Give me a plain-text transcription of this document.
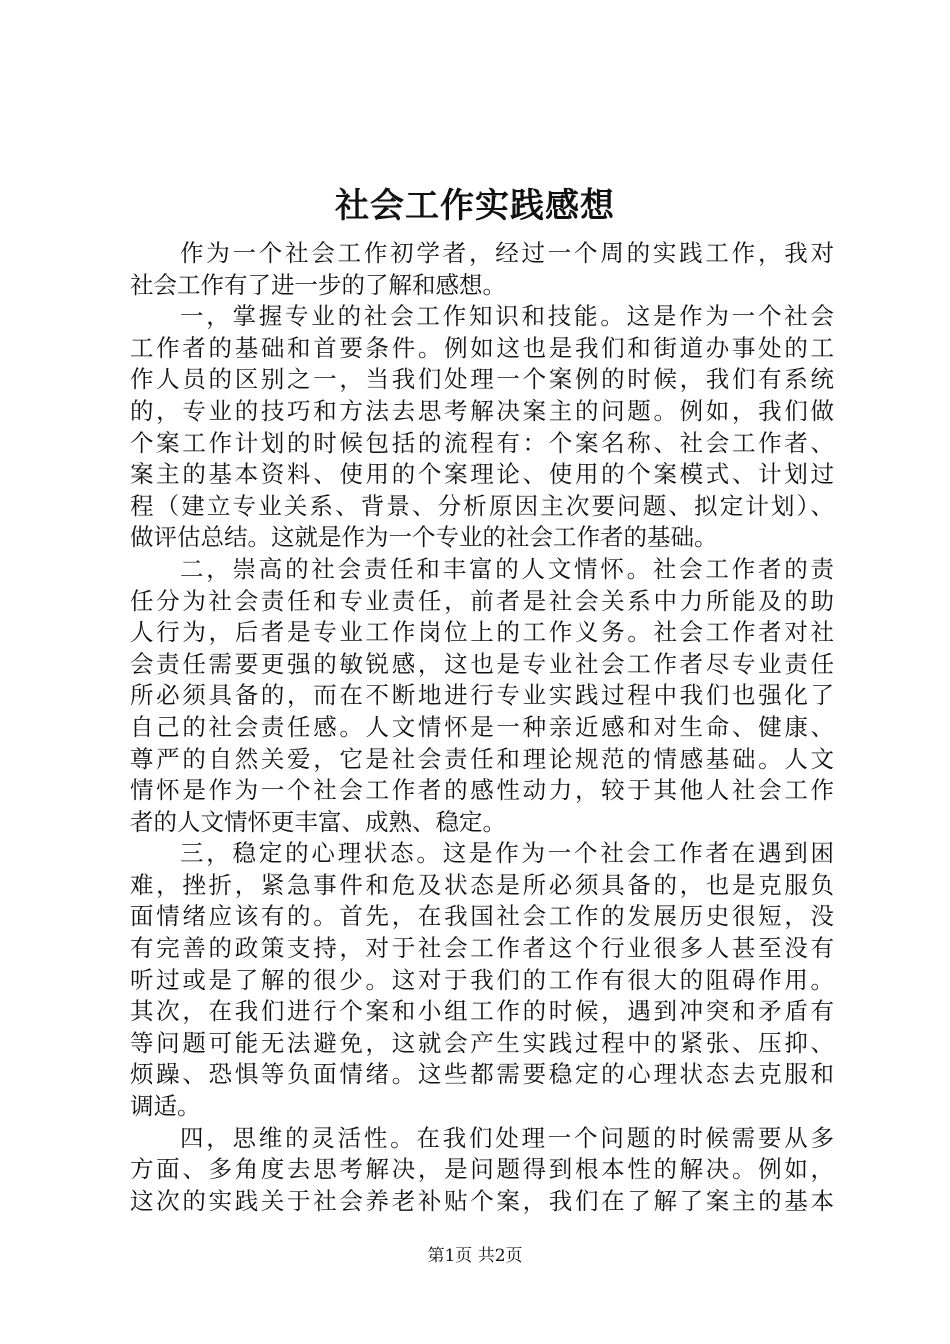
社会工作实践感想
作为一个社会工作初学者，经过一个周的实践工作，我对
社会工作有了进一步的了解和感想。
一，掌握专业的社会工作知识和技能。这是作为一个社会
工作者的基础和首要条件。例如这也是我们和街道办事处的工
作人员的区别之一，当我们处理一个案例的时候，我们有系统
的，专业的技巧和方法去思考解决案主的问题。例如，我们做
个案工作计划的时候包括的流程有：个案名称、社会工作者、
案主的基本资料、使用的个案理论、使用的个案模式、计划过
程（建立专业关系、背景、分析原因主次要问题、拟定计划）、
做评估总结。这就是作为一个专业的社会工作者的基础。
二，崇高的社会责任和丰富的人文情怀。社会工作者的责
任分为社会责任和专业责任，前者是社会关系中力所能及的助
人行为，后者是专业工作岗位上的工作义务。社会工作者对社
会责任需要更强的敏锐感，这也是专业社会工作者尽专业责任
所必须具备的，而在不断地进行专业实践过程中我们也强化了
自己的社会责任感。人文情怀是一种亲近感和对生命、健康、
尊严的自然关爱，它是社会责任和理论规范的情感基础。人文
情怀是作为一个社会工作者的感性动力，较于其他人社会工作
者的人文情怀更丰富、成熟、稳定。
三，稳定的心理状态。这是作为一个社会工作者在遇到困
难，挫折，紧急事件和危及状态是所必须具备的，也是克服负
面情绪应该有的。首先，在我国社会工作的发展历史很短，没
有完善的政策支持，对于社会工作者这个行业很多人甚至没有
听过或是了解的很少。这对于我们的工作有很大的阻碍作用。
其次，在我们进行个案和小组工作的时候，遇到冲突和矛盾有
等问题可能无法避免，这就会产生实践过程中的紧张、压抑、
烦躁、恐惧等负面情绪。这些都需要稳定的心理状态去克服和
调适。
四，思维的灵活性。在我们处理一个问题的时候需要从多
方面、多角度去思考解决，是问题得到根本性的解决。例如，
这次的实践关于社会养老补贴个案，我们在了解了案主的基本
第1页 共2页
